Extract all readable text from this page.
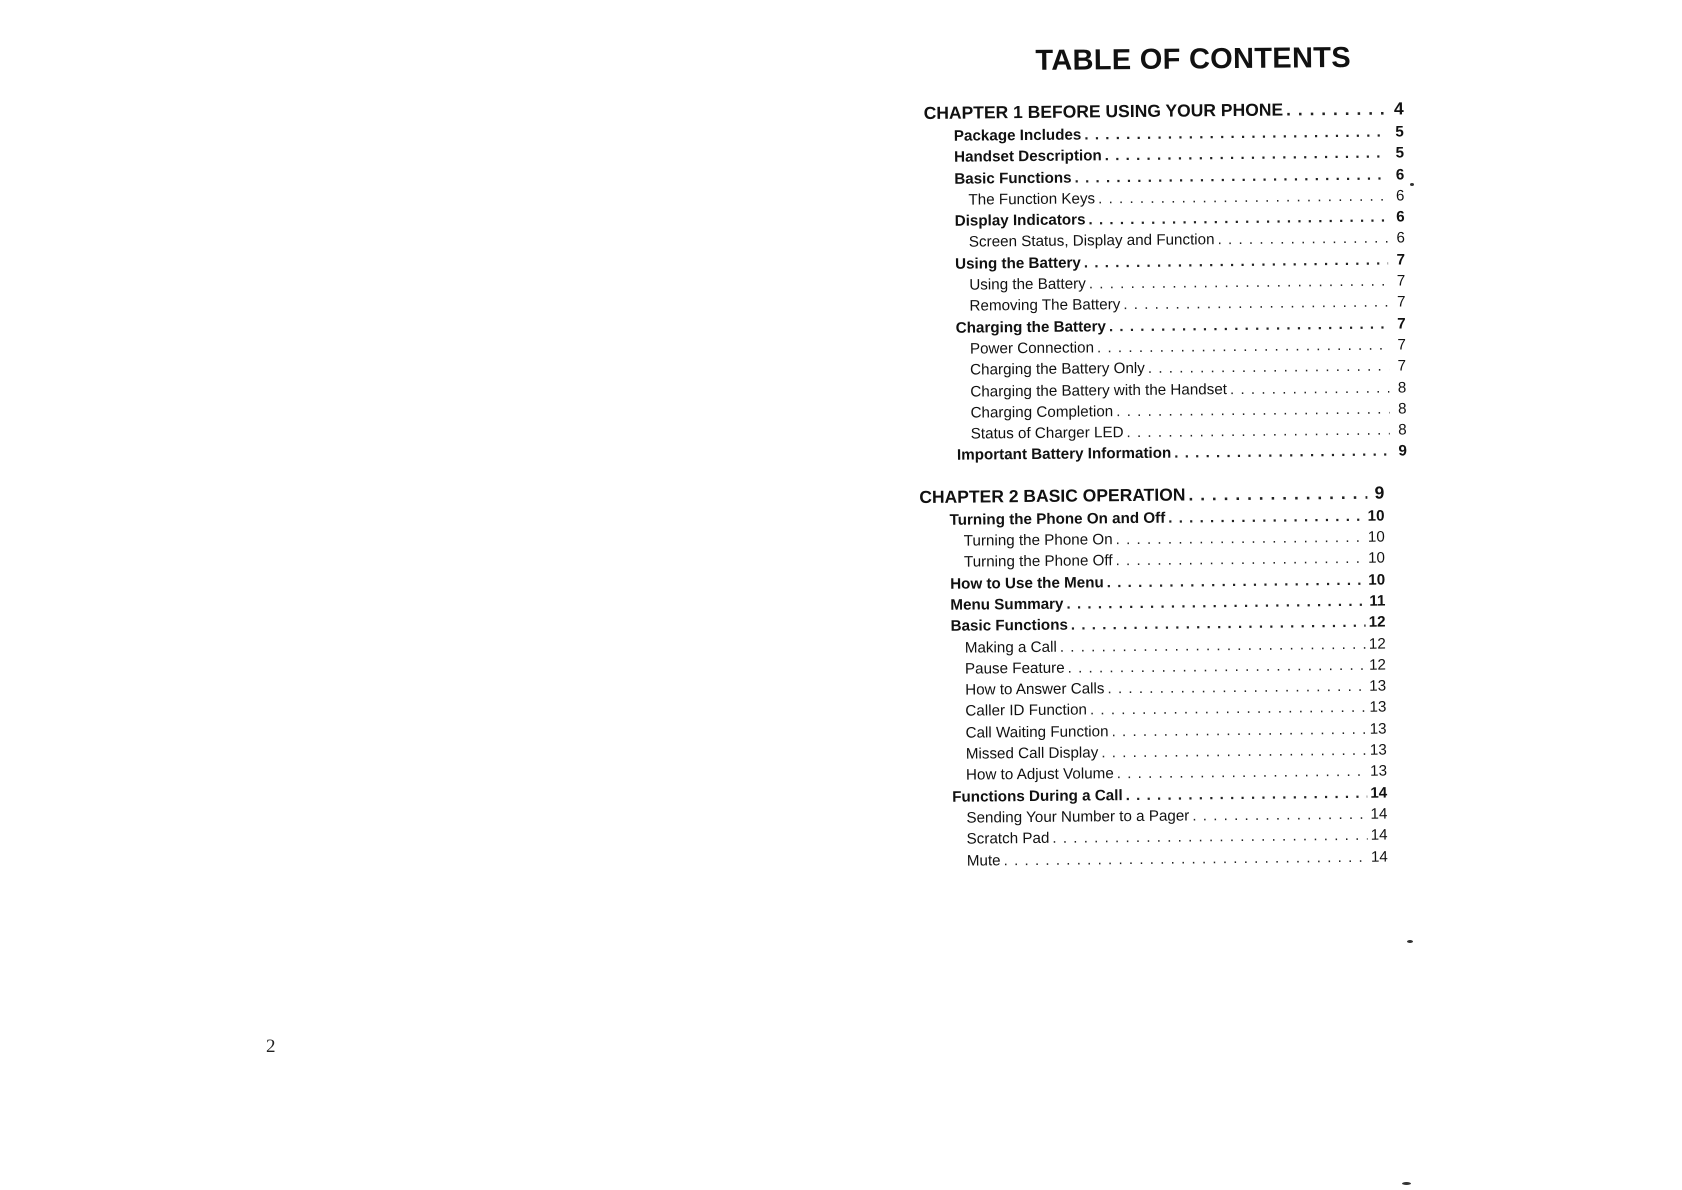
2
TABLE OF CONTENTS
CHAPTER 1 BEFORE USING YOUR PHONE . . .	4
Package Includes . . .	5
Handset Description . . .	5
Basic Functions . . .	6
The Function Keys . . .	6
Display Indicators . . .	6
Screen Status, Display and Function . . .	6
Using the Battery . . .	7
Using the Battery . . .	7
Removing The Battery . . .	7
Charging the Battery . . .	7
Power Connection . . .	7
Charging the Battery Only . . .	7
Charging the Battery with the Handset . . .	8
Charging Completion . . .	8
Status of Charger LED . . .	8
Important Battery Information . . .	9
CHAPTER 2 BASIC OPERATION . . .	9
Turning the Phone On and Off . . .	10
Turning the Phone On . . .	10
Turning the Phone Off . . .	10
How to Use the Menu . . .	10
Menu Summary . . .	11
Basic Functions . . .	12
Making a Call . . .	12
Pause Feature . . .	12
How to Answer Calls . . .	13
Caller ID Function . . .	13
Call Waiting Function . . .	13
Missed Call Display . . .	13
How to Adjust Volume . . .	13
Functions During a Call . . .	14
Sending Your Number to a Pager . . .	14
Scratch Pad . . .	14
Mute . . .	14
